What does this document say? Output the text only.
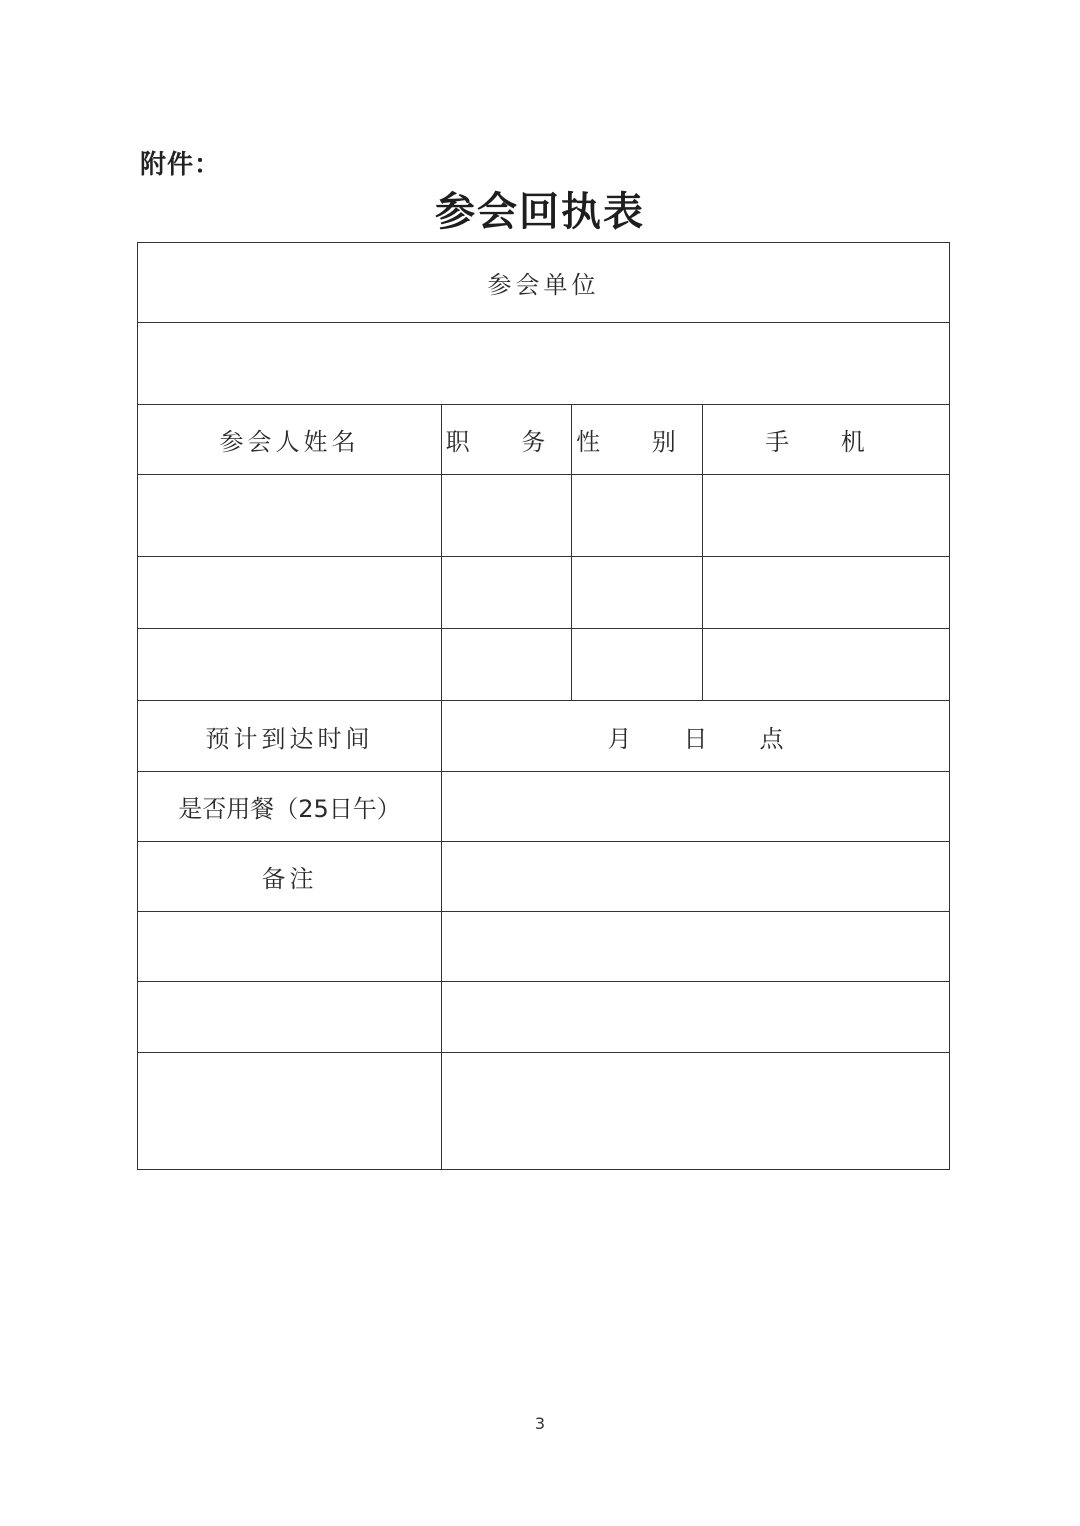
附件：
参会回执表
参会单位			

参会人姓名	职 务	性 别	手 机

预计到达时间	月 日 点		
是否用餐（25日午）			
备注			

3
